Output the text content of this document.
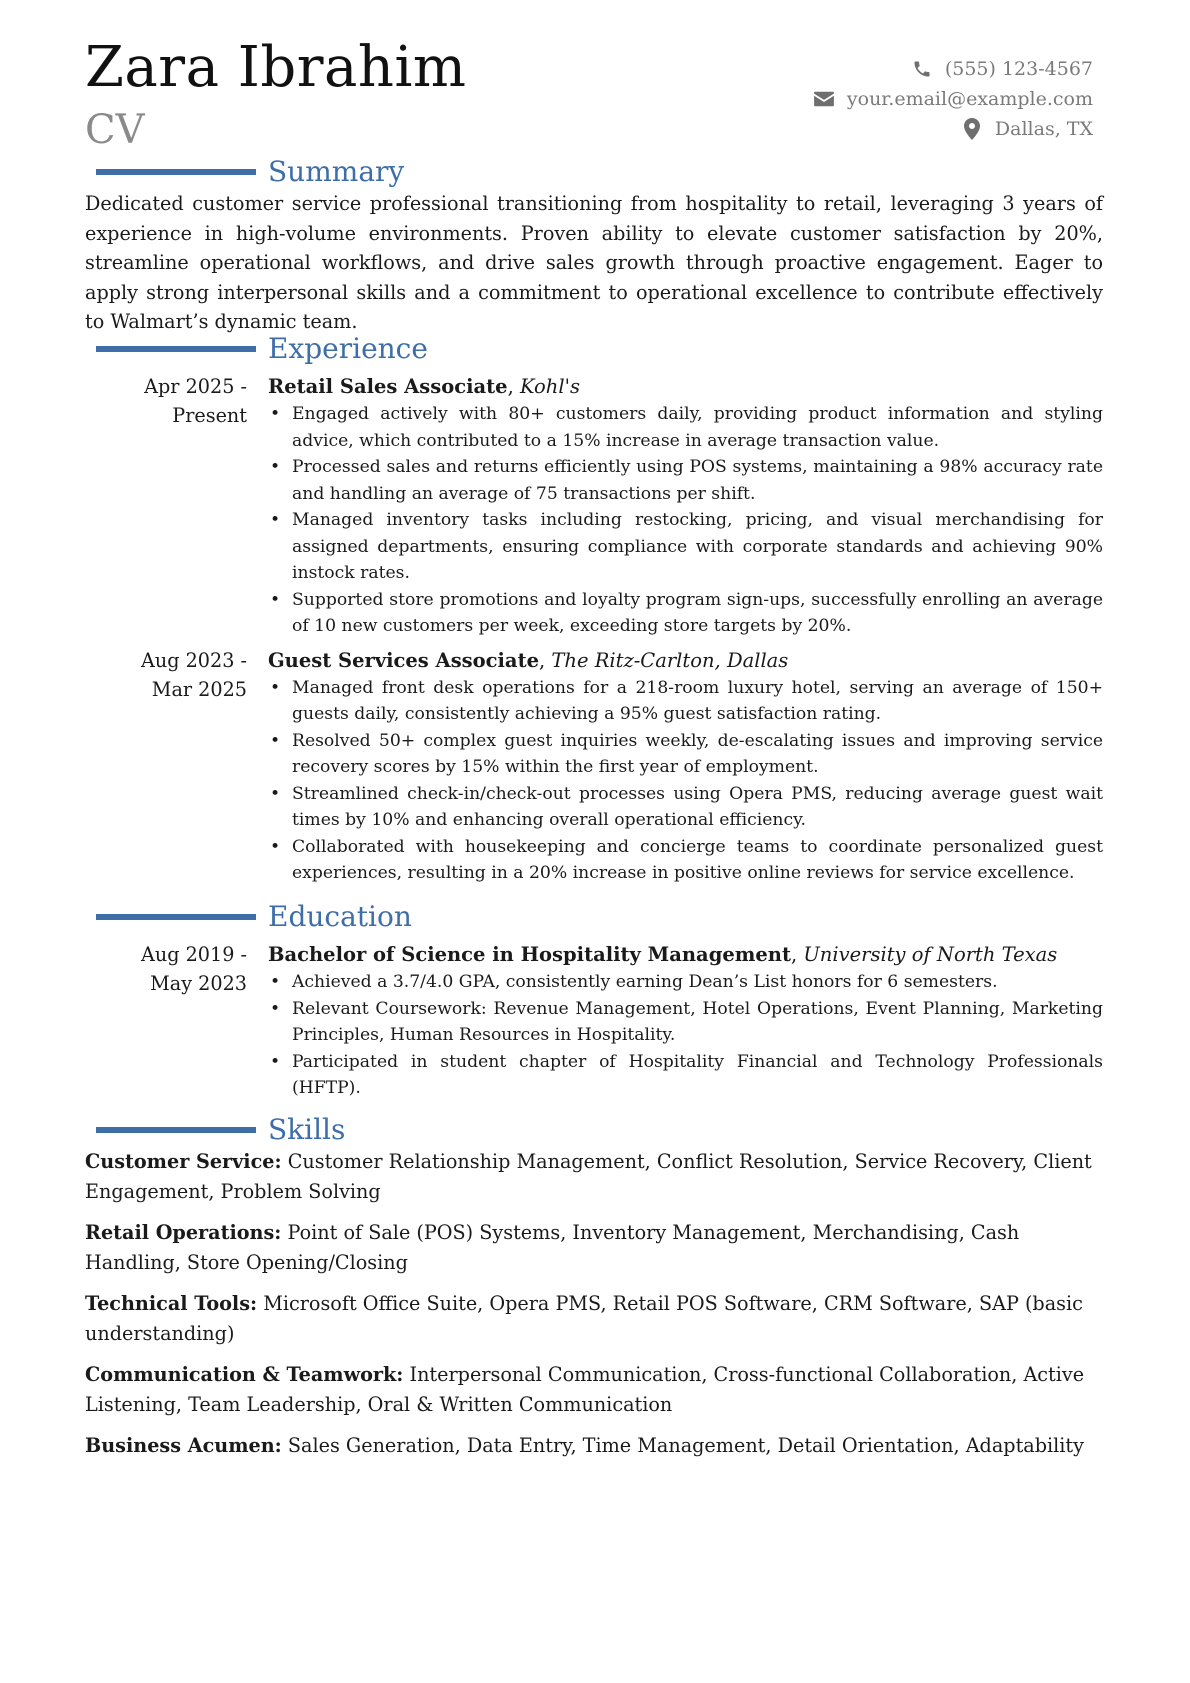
Zara Ibrahim
CV
(555) 123-4567
your.email@example.com
Dallas, TX
Summary

Dedicated customer service professional transitioning from hospitality to retail, leveraging 3 years of experience in high-volume environments. Proven ability to elevate customer satisfaction by 20%, streamline operational workflows, and drive sales growth through proactive engagement. Eager to apply strong interpersonal skills and a commitment to operational excellence to contribute effectively to Walmart’s dynamic team.

Experience
Apr 2025 -
Present
Retail Sales Associate, Kohl's
• Engaged actively with 80+ customers daily, providing product information and styling advice, which contributed to a 15% increase in average transaction value.
• Processed sales and returns efficiently using POS systems, maintaining a 98% accuracy rate and handling an average of 75 transactions per shift.
• Managed inventory tasks including restocking, pricing, and visual merchandising for assigned departments, ensuring compliance with corporate standards and achieving 90% instock rates.
• Supported store promotions and loyalty program sign-ups, successfully enrolling an average of 10 new customers per week, exceeding store targets by 20%.
Aug 2023 -
Mar 2025
Guest Services Associate, The Ritz-Carlton, Dallas
• Managed front desk operations for a 218-room luxury hotel, serving an average of 150+ guests daily, consistently achieving a 95% guest satisfaction rating.
• Resolved 50+ complex guest inquiries weekly, de-escalating issues and improving service recovery scores by 15% within the first year of employment.
• Streamlined check-in/check-out processes using Opera PMS, reducing average guest wait times by 10% and enhancing overall operational efficiency.
• Collaborated with housekeeping and concierge teams to coordinate personalized guest experiences, resulting in a 20% increase in positive online reviews for service excellence.
Education
Aug 2019 -
May 2023
Bachelor of Science in Hospitality Management, University of North Texas
• Achieved a 3.7/4.0 GPA, consistently earning Dean’s List honors for 6 semesters.
• Relevant Coursework: Revenue Management, Hotel Operations, Event Planning, Marketing Principles, Human Resources in Hospitality.
• Participated in student chapter of Hospitality Financial and Technology Professionals (HFTP).
Skills

Customer Service: Customer Relationship Management, Conflict Resolution, Service Recovery, Client Engagement, Problem Solving

Retail Operations: Point of Sale (POS) Systems, Inventory Management, Merchandising, Cash Handling, Store Opening/Closing

Technical Tools: Microsoft Office Suite, Opera PMS, Retail POS Software, CRM Software, SAP (basic understanding)

Communication & Teamwork: Interpersonal Communication, Cross-functional Collaboration, Active Listening, Team Leadership, Oral & Written Communication

Business Acumen: Sales Generation, Data Entry, Time Management, Detail Orientation, Adaptability
